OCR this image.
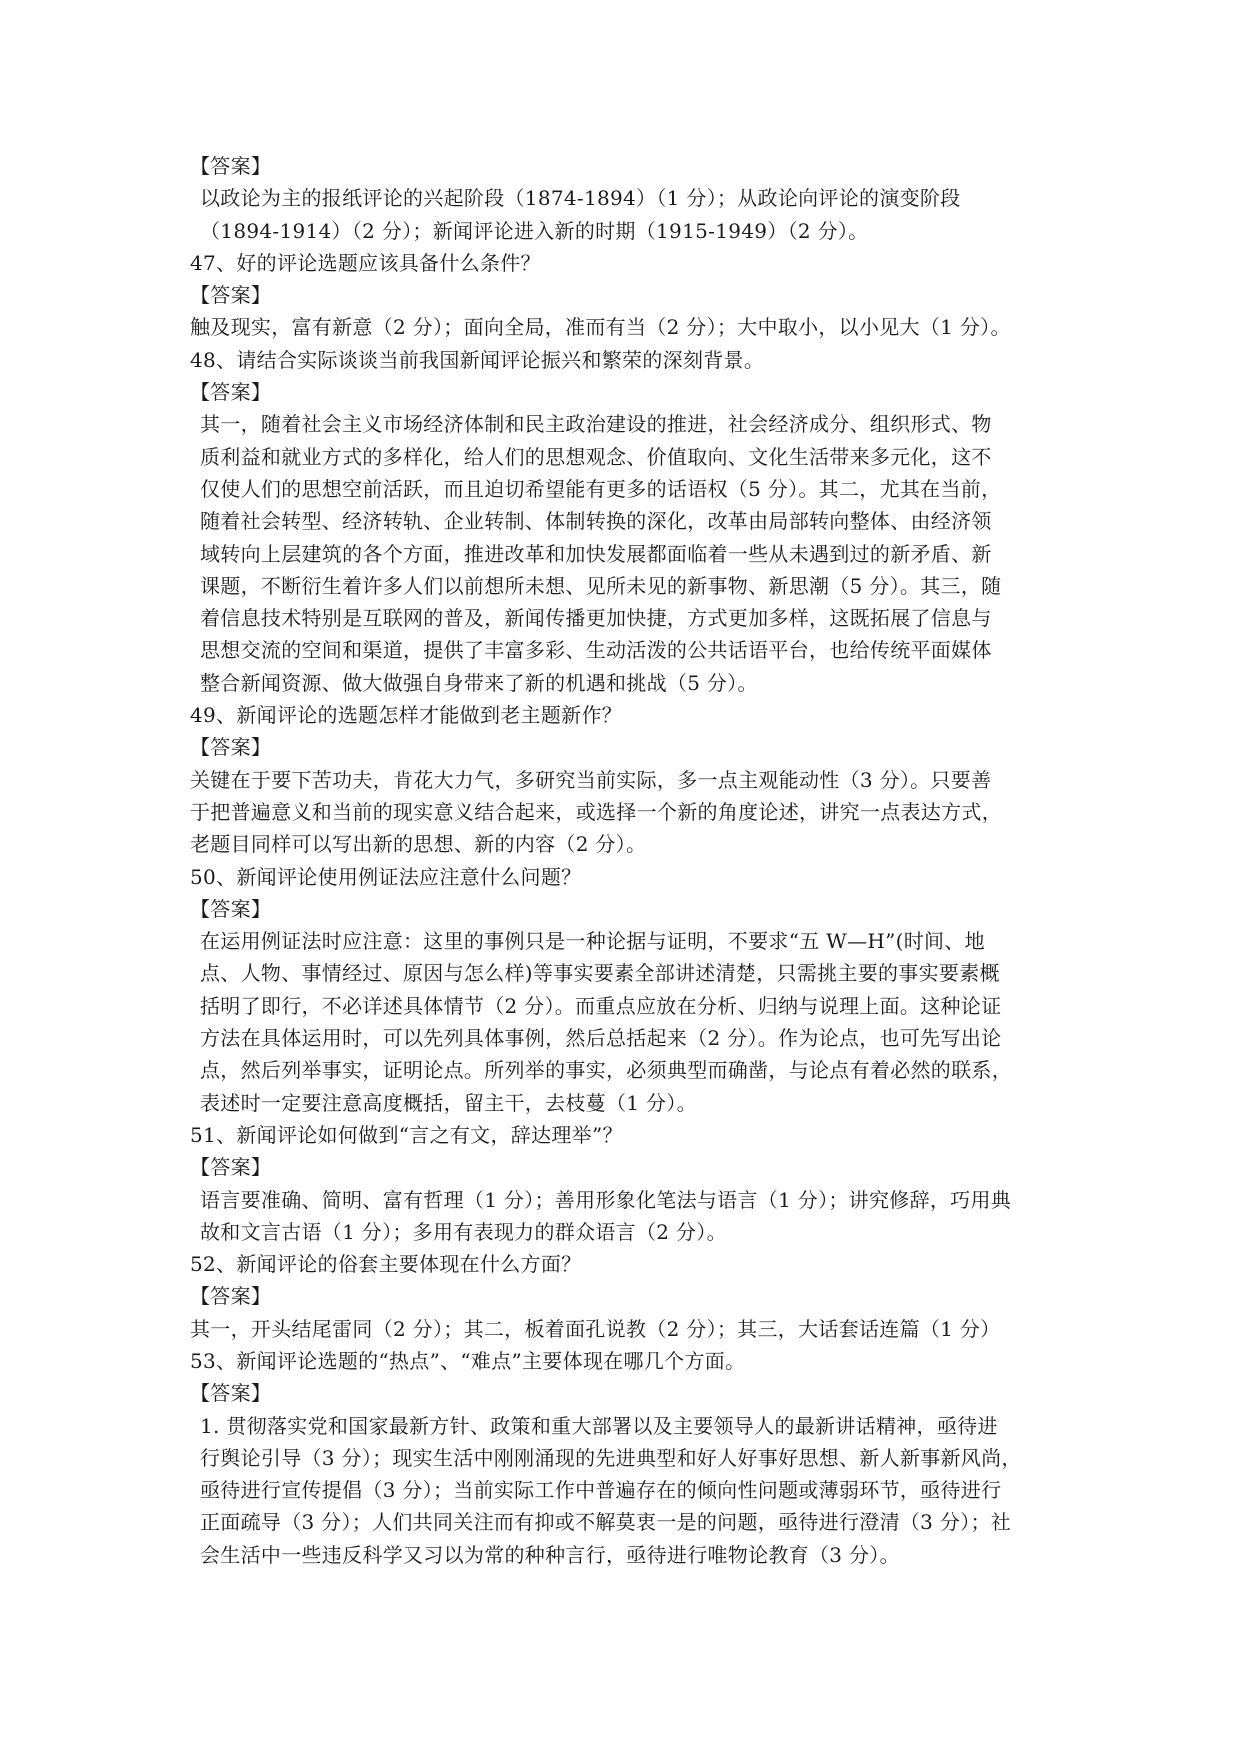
【答案】
以政论为主的报纸评论的兴起阶段（1874-1894）（1 分）；从政论向评论的演变阶段
（1894-1914）（2 分）；新闻评论进入新的时期（1915-1949）（2 分）。
47、好的评论选题应该具备什么条件？
【答案】
触及现实，富有新意（2 分）；面向全局，准而有当（2 分）；大中取小，以小见大（1 分）。
48、请结合实际谈谈当前我国新闻评论振兴和繁荣的深刻背景。
【答案】
其一，随着社会主义市场经济体制和民主政治建设的推进，社会经济成分、组织形式、物
质利益和就业方式的多样化，给人们的思想观念、价值取向、文化生活带来多元化，这不
仅使人们的思想空前活跃，而且迫切希望能有更多的话语权（5 分）。其二，尤其在当前，
随着社会转型、经济转轨、企业转制、体制转换的深化，改革由局部转向整体、由经济领
域转向上层建筑的各个方面，推进改革和加快发展都面临着一些从未遇到过的新矛盾、新
课题，不断衍生着许多人们以前想所未想、见所未见的新事物、新思潮（5 分）。其三，随
着信息技术特别是互联网的普及，新闻传播更加快捷，方式更加多样，这既拓展了信息与
思想交流的空间和渠道，提供了丰富多彩、生动活泼的公共话语平台，也给传统平面媒体
整合新闻资源、做大做强自身带来了新的机遇和挑战（5 分）。
49、新闻评论的选题怎样才能做到老主题新作？
【答案】
关键在于要下苦功夫，肯花大力气，多研究当前实际，多一点主观能动性（3 分）。只要善
于把普遍意义和当前的现实意义结合起来，或选择一个新的角度论述，讲究一点表达方式，
老题目同样可以写出新的思想、新的内容（2 分）。
50、新闻评论使用例证法应注意什么问题？
【答案】
在运用例证法时应注意：这里的事例只是一种论据与证明，不要求“五 W—H”(时间、地
点、人物、事情经过、原因与怎么样)等事实要素全部讲述清楚，只需挑主要的事实要素概
括明了即行，不必详述具体情节（2 分）。而重点应放在分析、归纳与说理上面。这种论证
方法在具体运用时，可以先列具体事例，然后总括起来（2 分）。作为论点，也可先写出论
点，然后列举事实，证明论点。所列举的事实，必须典型而确凿，与论点有着必然的联系，
表述时一定要注意高度概括，留主干，去枝蔓（1 分）。
51、新闻评论如何做到“言之有文，辞达理举”？
【答案】
语言要准确、简明、富有哲理（1 分）；善用形象化笔法与语言（1 分）；讲究修辞，巧用典
故和文言古语（1 分）；多用有表现力的群众语言（2 分）。
52、新闻评论的俗套主要体现在什么方面？
【答案】
其一，开头结尾雷同（2 分）；其二，板着面孔说教（2 分）；其三，大话套话连篇（1 分）
53、新闻评论选题的“热点”、“难点”主要体现在哪几个方面。
【答案】
1. 贯彻落实党和国家最新方针、政策和重大部署以及主要领导人的最新讲话精神，亟待进
行舆论引导（3 分）；现实生活中刚刚涌现的先进典型和好人好事好思想、新人新事新风尚，
亟待进行宣传提倡（3 分）；当前实际工作中普遍存在的倾向性问题或薄弱环节，亟待进行
正面疏导（3 分）；人们共同关注而有抑或不解莫衷一是的问题，亟待进行澄清（3 分）；社
会生活中一些违反科学又习以为常的种种言行，亟待进行唯物论教育（3 分）。
